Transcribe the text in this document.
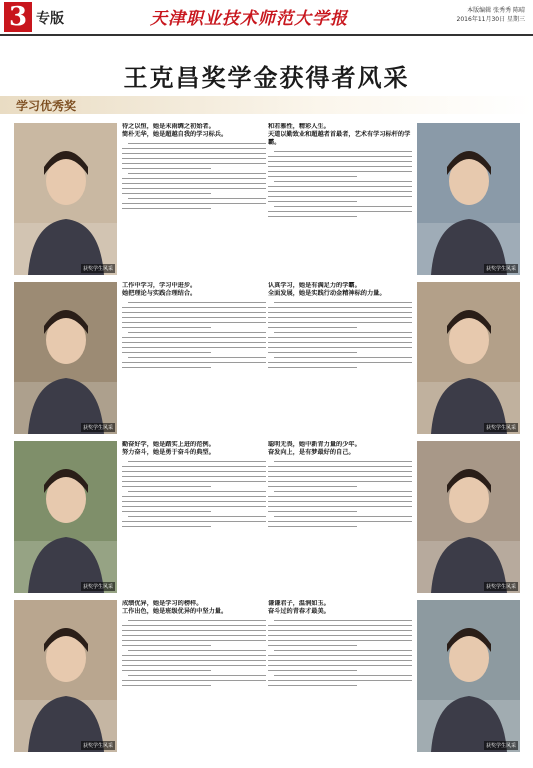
3 专版	天津职业技术师范大学报	本版编辑 张秀秀 陈晴
2016年11月30日 星期三
王克昌奖学金获得者风采
学习优秀奖
获奖学生风采
待之以恒，她是未雨绸之初始者。
简朴无华，她是超越自我的学习标兵。
获奖学生风采
和若雅性，精彩人生。
天道以勤致业和超越者首最者，艺术有学习标杆的学霸。
获奖学生风采
工作中学习，学习中进步。
她把理论与实践合理结合。
获奖学生风采
认真学习，她是有满足力的学霸。
全面发展，她是实践行动金精神标的力量。
获奖学生风采
勤奋好学，她是踏实上进的范例。
努力奋斗，她是勇于奋斗的典型。
获奖学生风采
聪明无畏，她中新青力量的少年。
奋发向上，是有梦最好的自己。
获奖学生风采
成绩优异，她是学习的榜样。
工作出色，她是班级优异的中坚力量。
获奖学生风采
谦谦君子，温润如玉。
奋斗过的青春才最美。
